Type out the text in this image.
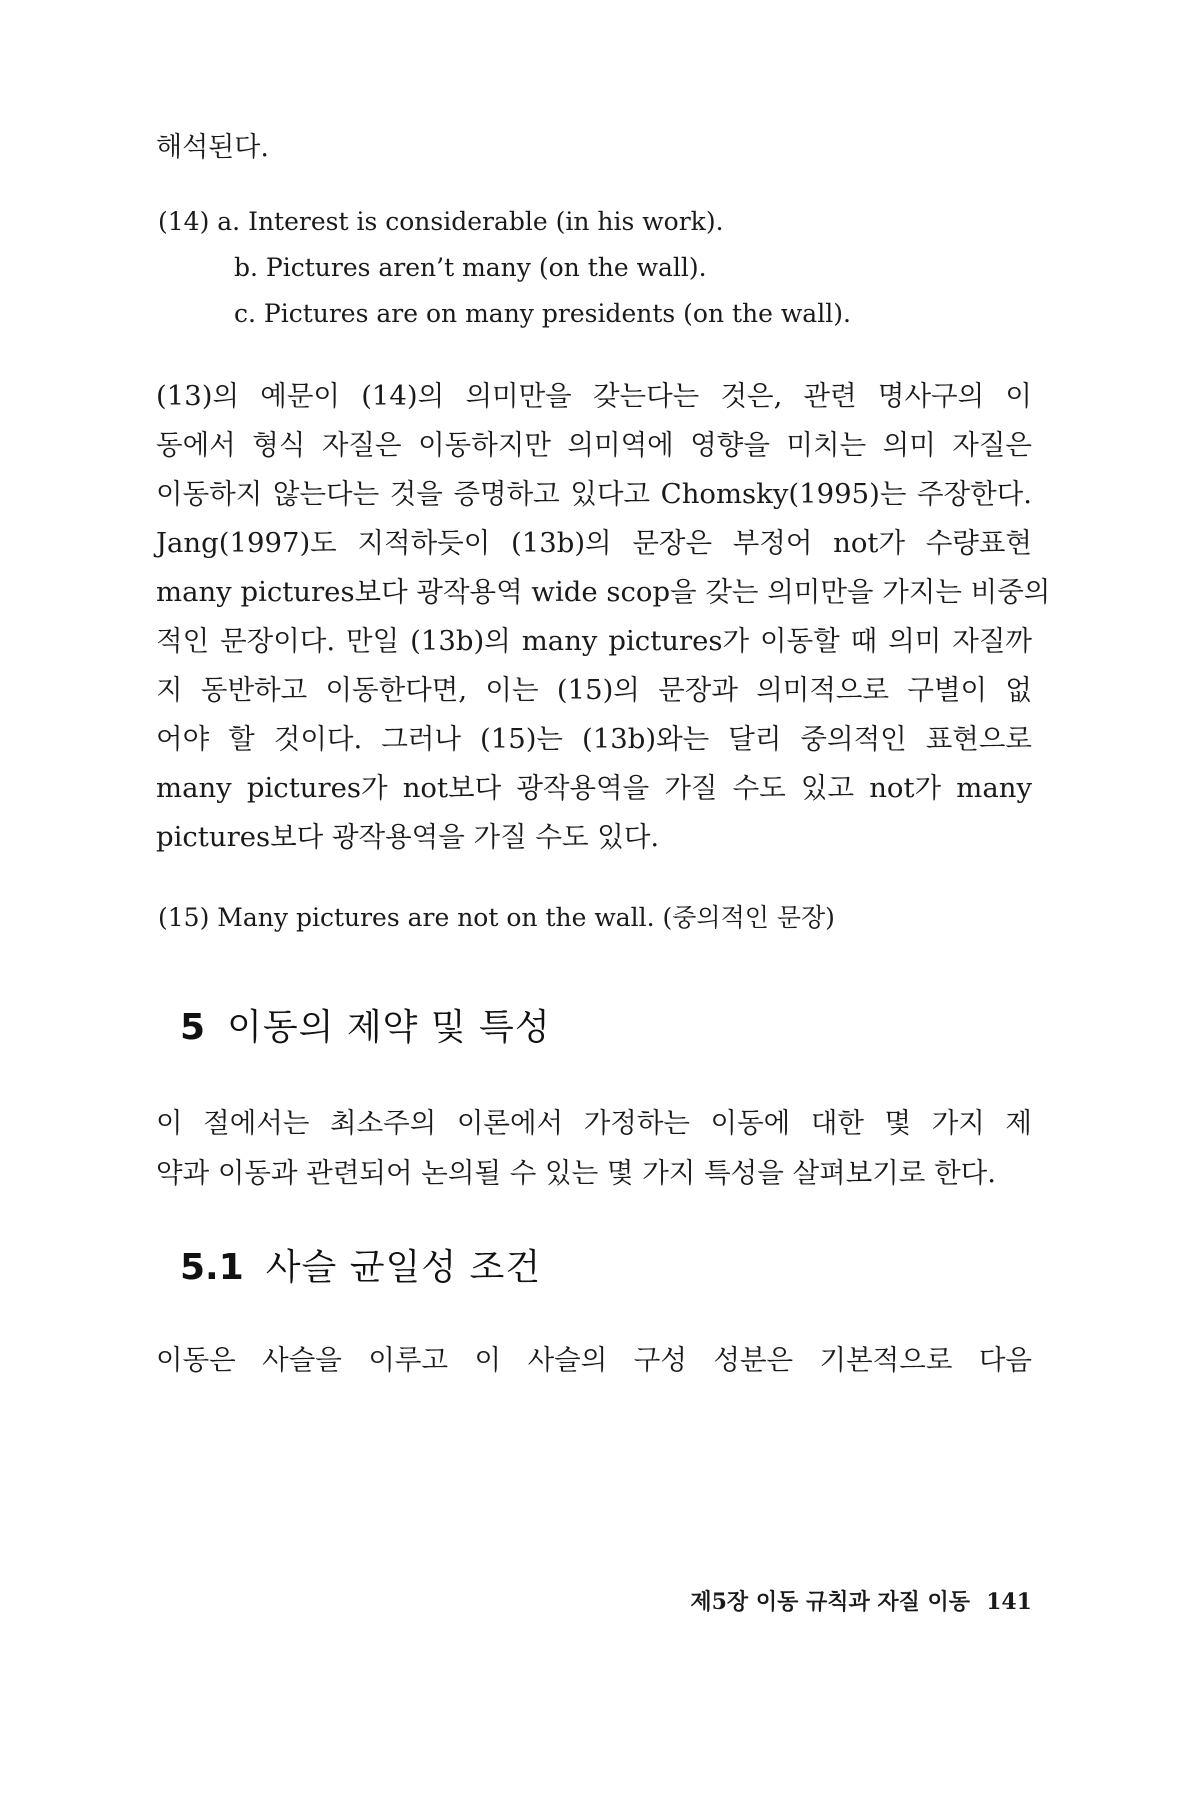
해석된다.
(14) a. Interest is considerable (in his work).
b. Pictures aren’t many (on the wall).
c. Pictures are on many presidents (on the wall).
(13)의 예문이 (14)의 의미만을 갖는다는 것은, 관련 명사구의 이
동에서 형식 자질은 이동하지만 의미역에 영향을 미치는 의미 자질은
이동하지 않는다는 것을 증명하고 있다고 Chomsky(1995)는 주장한다.
Jang(1997)도 지적하듯이 (13b)의 문장은 부정어 not가 수량표현
many pictures보다 광작용역 wide scop을 갖는 의미만을 가지는 비중의
적인 문장이다. 만일 (13b)의 many pictures가 이동할 때 의미 자질까
지 동반하고 이동한다면, 이는 (15)의 문장과 의미적으로 구별이 없
어야 할 것이다. 그러나 (15)는 (13b)와는 달리 중의적인 표현으로
many pictures가 not보다 광작용역을 가질 수도 있고 not가 many
pictures보다 광작용역을 가질 수도 있다.
(15) Many pictures are not on the wall. (중의적인 문장)
5 이동의 제약 및 특성
이 절에서는 최소주의 이론에서 가정하는 이동에 대한 몇 가지 제
약과 이동과 관련되어 논의될 수 있는 몇 가지 특성을 살펴보기로 한다.
5.1 사슬 균일성 조건
이동은 사슬을 이루고 이 사슬의 구성 성분은 기본적으로 다음
제5장 이동 규칙과 자질 이동 141
